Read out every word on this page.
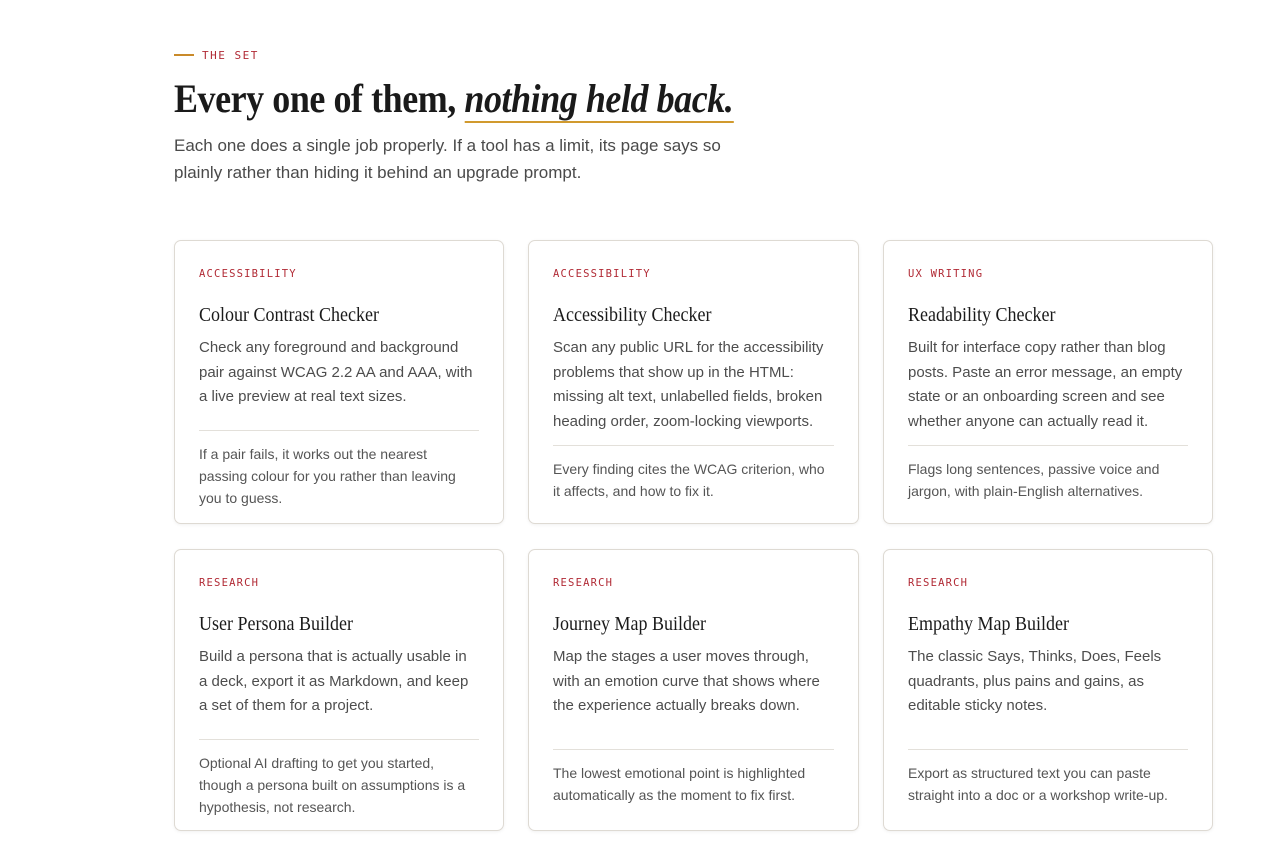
THE SET
Every one of them, nothing held back.

Each one does a single job properly. If a tool has a limit, its page says so plainly rather than hiding it behind an upgrade prompt.

ACCESSIBILITY
Colour Contrast Checker
Check any foreground and background pair against WCAG 2.2 AA and AAA, with a live preview at real text sizes.
If a pair fails, it works out the nearest passing colour for you rather than leaving you to guess.
ACCESSIBILITY
Accessibility Checker
Scan any public URL for the accessibility problems that show up in the HTML: missing alt text, unlabelled fields, broken heading order, zoom-locking viewports.
Every finding cites the WCAG criterion, who it affects, and how to fix it.
UX WRITING
Readability Checker
Built for interface copy rather than blog posts. Paste an error message, an empty state or an onboarding screen and see whether anyone can actually read it.
Flags long sentences, passive voice and jargon, with plain-English alternatives.
RESEARCH
User Persona Builder
Build a persona that is actually usable in a deck, export it as Markdown, and keep a set of them for a project.
Optional AI drafting to get you started, though a persona built on assumptions is a hypothesis, not research.
RESEARCH
Journey Map Builder
Map the stages a user moves through, with an emotion curve that shows where the experience actually breaks down.
The lowest emotional point is highlighted automatically as the moment to fix first.
RESEARCH
Empathy Map Builder
The classic Says, Thinks, Does, Feels quadrants, plus pains and gains, as editable sticky notes.
Export as structured text you can paste straight into a doc or a workshop write-up.
